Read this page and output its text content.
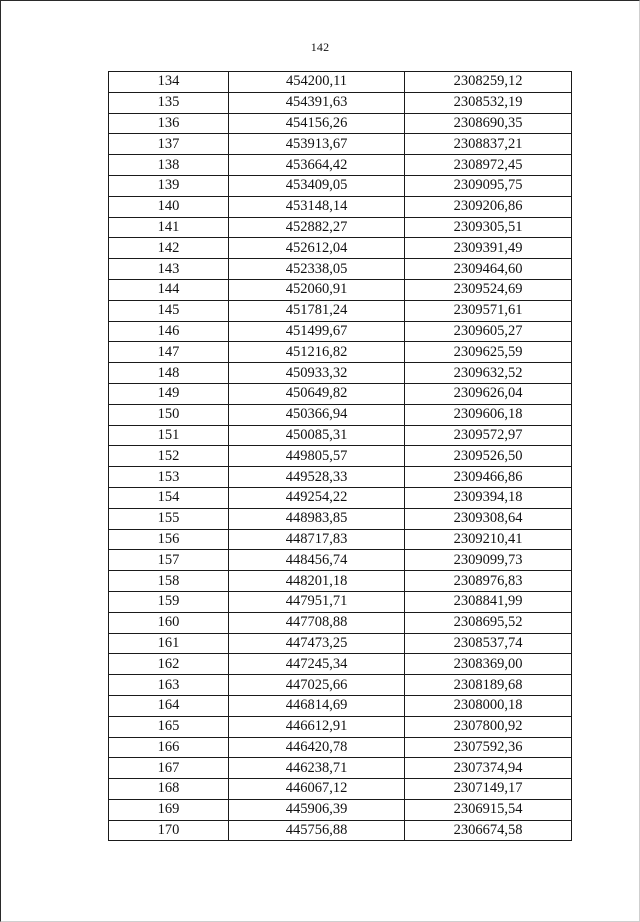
142
134	454200,11	2308259,12
135	454391,63	2308532,19
136	454156,26	2308690,35
137	453913,67	2308837,21
138	453664,42	2308972,45
139	453409,05	2309095,75
140	453148,14	2309206,86
141	452882,27	2309305,51
142	452612,04	2309391,49
143	452338,05	2309464,60
144	452060,91	2309524,69
145	451781,24	2309571,61
146	451499,67	2309605,27
147	451216,82	2309625,59
148	450933,32	2309632,52
149	450649,82	2309626,04
150	450366,94	2309606,18
151	450085,31	2309572,97
152	449805,57	2309526,50
153	449528,33	2309466,86
154	449254,22	2309394,18
155	448983,85	2309308,64
156	448717,83	2309210,41
157	448456,74	2309099,73
158	448201,18	2308976,83
159	447951,71	2308841,99
160	447708,88	2308695,52
161	447473,25	2308537,74
162	447245,34	2308369,00
163	447025,66	2308189,68
164	446814,69	2308000,18
165	446612,91	2307800,92
166	446420,78	2307592,36
167	446238,71	2307374,94
168	446067,12	2307149,17
169	445906,39	2306915,54
170	445756,88	2306674,58
